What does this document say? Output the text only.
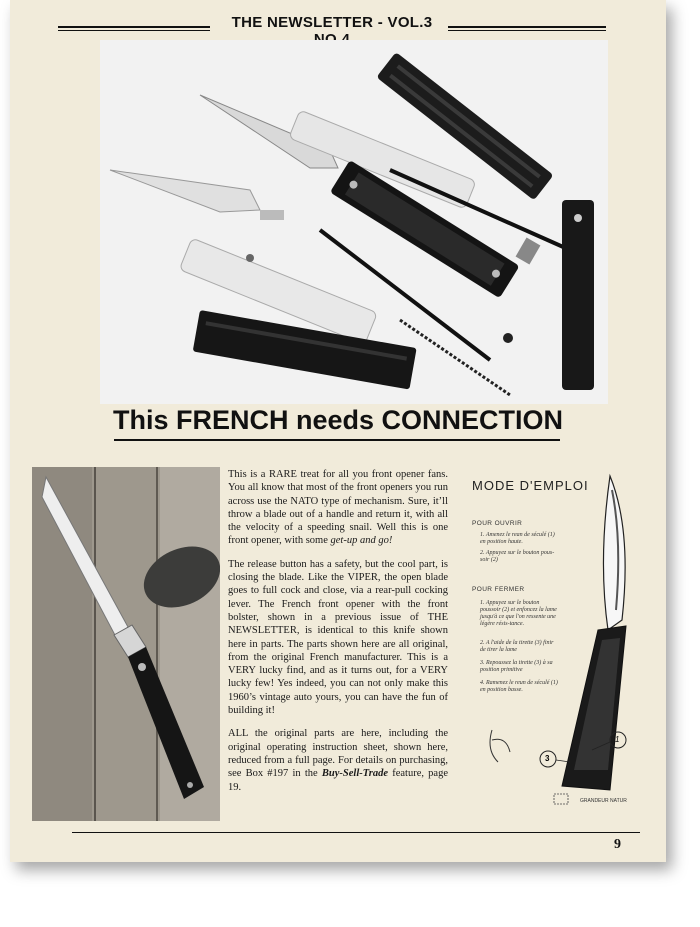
THE NEWSLETTER - VOL.3
This FRENCH needs CONNECTION

This is a RARE treat for all you front opener fans. You all know that most of the front openers you run across use the NATO type of mechanism. Sure, it’ll throw a blade out of a handle and return it, with all the velocity of a speeding snail. Well this is one front opener, with some get-up and go!

The release button has a safety, but the cool part, is closing the blade. Like the VIPER, the open blade goes to full cock and close, via a rear-pull cocking lever. The French front opener with the front bolster, shown in a previous issue of THE NEWSLETTER, is identical to this knife shown here in parts. The parts shown here are all original, from the original French manufacturer. This is a VERY lucky find, and as it turns out, for a VERY lucky few! Yes indeed, you can not only make this 1960’s vintage auto yours, you can have the fun of building it!

ALL the original parts are here, including the original operating instruction sheet, shown here, reduced from a full page. For details on purchasing, see Box #197 in the Buy-Sell-Trade feature, page 19.

MODE D'EMPLOI
POUR OUVRIR
1. Amenez le rean de séculé (1) en position haute.
2. Appuyez sur le bouton pous-soir (2)
POUR FERMER
1. Appuyez sur le bouton poussoir (2) et enfoncez la lame jusqu'à ce que l'on ressente une légère résis-tance.
2. A l'aide de la tirette (3) finir de tirer la lame
3. Repoussez la tirette (3) à sa position primitive
4. Ramenez le reun de séculé (1) en position basse.
1
3
GRANDEUR NATUR
9
